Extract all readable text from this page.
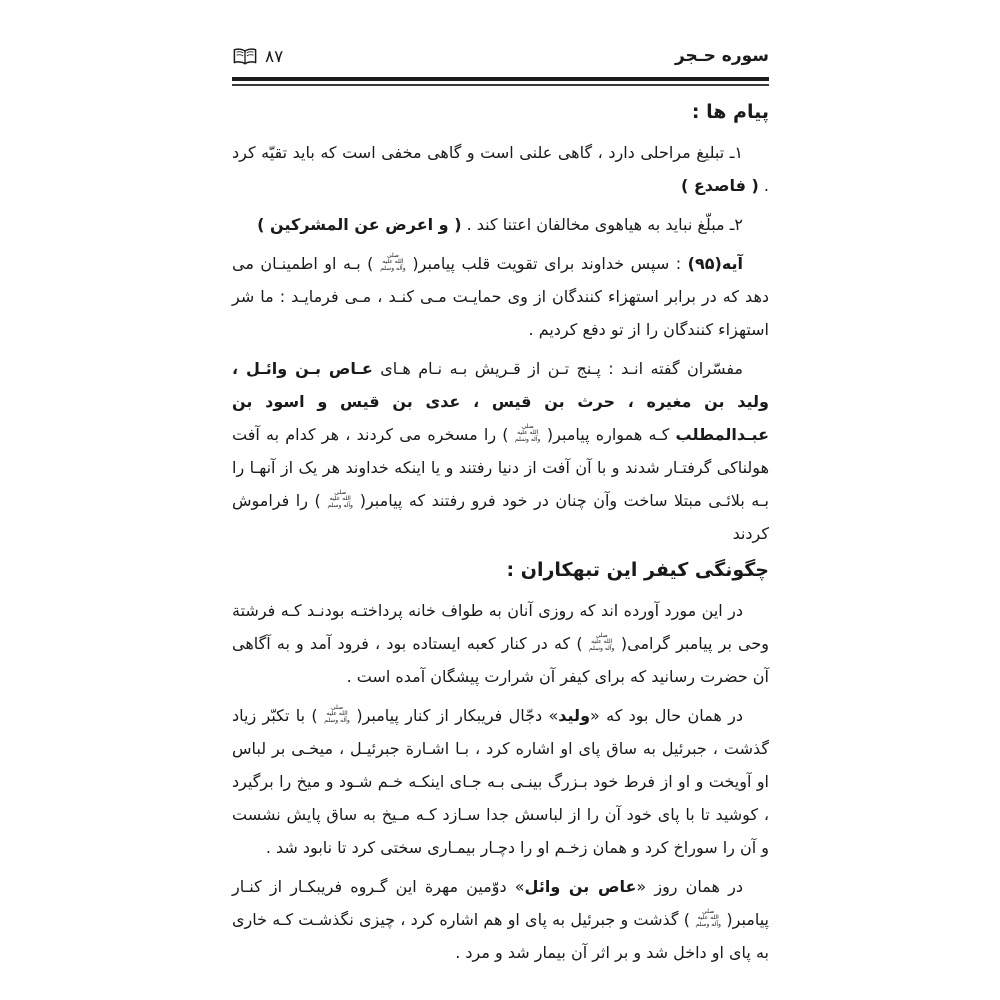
سوره حـجر
۸۷
پیام ها :

۱ـ تبلیغ مراحلی دارد ، گاهی علنی است و گاهی مخفی است که باید تقیّه کرد . ( فاصدع )

۲ـ مبلّغ نباید به هیاهوی مخالفان اعتنا کند . ( و اعرض عن المشرکین )

آیه(۹۵) : سپس خداوند برای تقویت قلب پیامبر(
صلی
الله علیه
وآله وسلم
) بـه او اطمینـان می دهد که در برابر استهزاء کنندگان از وی حمایـت مـی کنـد ، مـی فرمایـد : ما شر استهزاء کنندگان را از تو دفع کردیم .

مفسّران گفته انـد : پـنج تـن از قـریش بـه نـام هـای عـاص بـن وائـل ، ولید بن مغیره ، حرث بن قیس ، عدی بن قیس و اسود بن عبـدالمطلب کـه همواره پیامبر(
صلی
الله علیه
وآله وسلم
) را مسخره می کردند ، هر کدام به آفت هولناکی گرفتـار شدند و با آن آفت از دنیا رفتند و یا اینکه خداوند هر یک از آنهـا را بـه بلائـی مبتلا ساخت وآن چنان در خود فرو رفتند که پیامبر(
صلی
الله علیه
وآله وسلم
) را فراموش کردند

چگونگی کیفر این تبهکاران :

در این مورد آورده اند که روزی آنان به طواف خانه پرداختـه بودنـد کـه فرشتة وحی بر پیامبر گرامی(
صلی
الله علیه
وآله وسلم
) که در کنار کعبه ایستاده بود ، فرود آمد و به آگاهی آن حضرت رسانید که برای کیفر آن شرارت پیشگان آمده است .

در همان حال بود که «ولید» دجّال فریبکار از کنار پیامبر(
صلی
الله علیه
وآله وسلم
) با تکبّر زیاد گذشت ، جبرئیل به ساق پای او اشاره کرد ، بـا اشـارة جبرئیـل ، میخـی بر لباس او آویخت و او از فرط خود بـزرگ بینـی بـه جـای اینکـه خـم شـود و میخ را برگیرد ، کوشید تا با پای خود آن را از لباسش جدا سـازد کـه مـیخ به ساق پایش نشست و آن را سوراخ کرد و همان زخـم او را دچـار بیمـاری سختی کرد تا نابود شد .

در همان روز «عاص بن وائل» دوّمین مهرة این گـروه فریبکـار از کنـار پیامبر(
صلی
الله علیه
وآله وسلم
) گذشت و جبرئیل به پای او هم اشاره کرد ، چیزی نگذشـت کـه خاری به پای او داخل شد و بر اثر آن بیمار شد و مرد .
